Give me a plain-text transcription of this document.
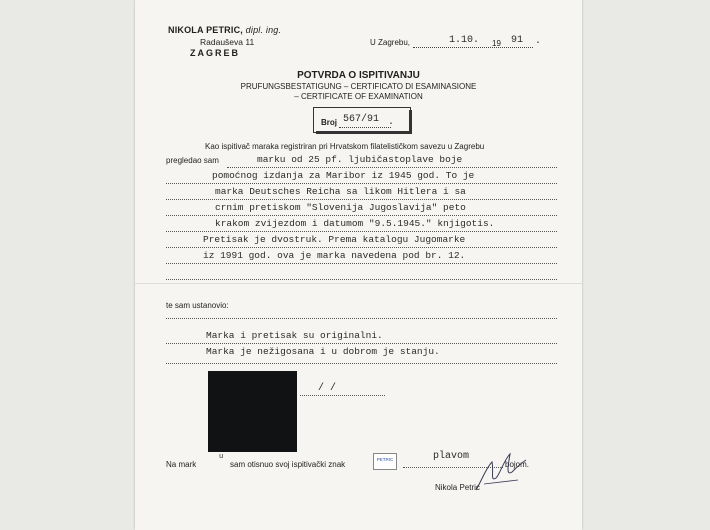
NIKOLA PETRIC, dipl. ing.
Radauševa 11
ZAGREB
U Zagrebu,	1.10. 19 91 .
POTVRDA O ISPITIVANJU
PRUFUNGSBESTATIGUNG – CERTIFICATO DI ESAMINASIONE
– CERTIFICATE OF EXAMINATION
Broj 567/91 .
Kao ispitivač maraka registriran pri Hrvatskom filatelističkom savezu u Zagrebu
pregledao sam	marku od 25 pf. ljubičastoplave boje
pomoćnog izdanja za Maribor iz 1945 god. To je
marka Deutsches Reicha sa likom Hitlera i sa
crnim pretiskom "Slovenija Jugoslavija" peto
krakom zvijezdom i datumom "9.5.1945." knjigotis.
Pretisak je dvostruk. Prema katalogu Jugomarke
iz 1991 god. ova je marka navedena pod br. 12.
te sam ustanovio:
Marka i pretisak su originalni.
Marka je nežigosana i u dobrom je stanju.
/ /
Na mark
u
sam otisnuo svoj ispitivački znak
PETRIC	plavom
bojom.
Nikola Petric
